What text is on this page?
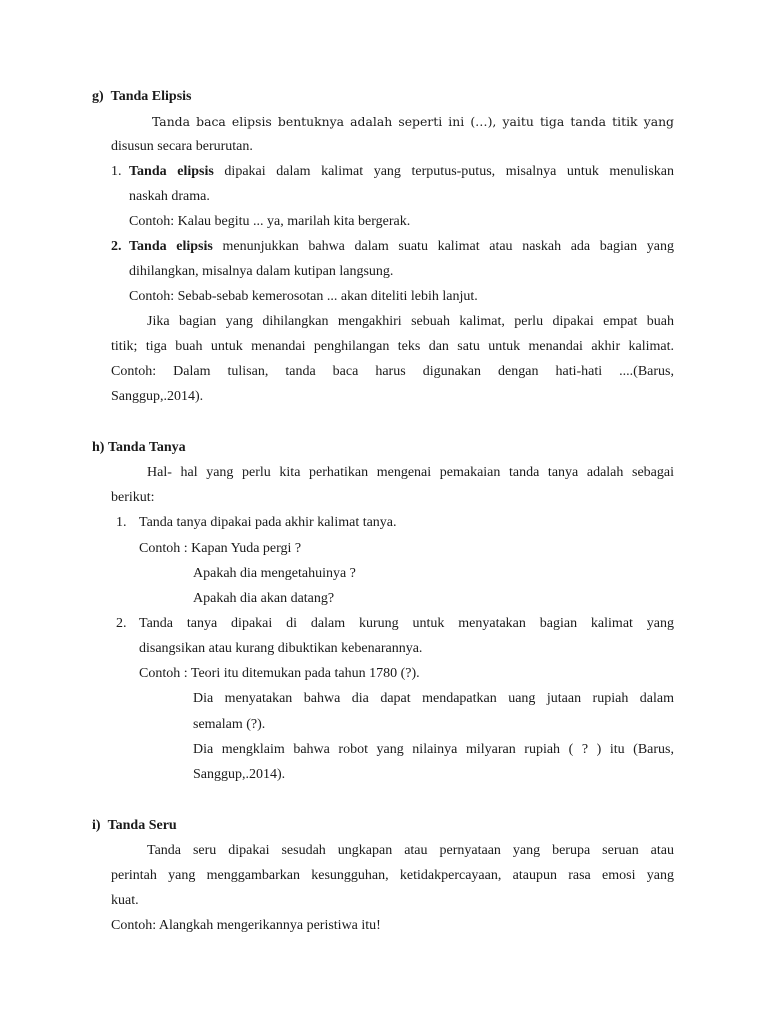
g) Tanda Elipsis
Tanda baca elipsis bentuknya adalah seperti ini (…), yaitu tiga tanda titik yang
disusun secara berurutan.
1. Tanda elipsis dipakai dalam kalimat yang terputus-putus, misalnya untuk menuliskan
naskah drama.
Contoh: Kalau begitu ... ya, marilah kita bergerak.
2. Tanda elipsis menunjukkan bahwa dalam suatu kalimat atau naskah ada bagian yang
dihilangkan, misalnya dalam kutipan langsung.
Contoh: Sebab-sebab kemerosotan ... akan diteliti lebih lanjut.
Jika bagian yang dihilangkan mengakhiri sebuah kalimat, perlu dipakai empat buah
titik; tiga buah untuk menandai penghilangan teks dan satu untuk menandai akhir kalimat.
Contoh: Dalam tulisan, tanda baca harus digunakan dengan hati-hati ....(Barus,
Sanggup,.2014).
h) Tanda Tanya
Hal- hal yang perlu kita perhatikan mengenai pemakaian tanda tanya adalah sebagai
berikut:
1. Tanda tanya dipakai pada akhir kalimat tanya.
Contoh : Kapan Yuda pergi ?
Apakah dia mengetahuinya ?
Apakah dia akan datang?
2. Tanda tanya dipakai di dalam kurung untuk menyatakan bagian kalimat yang
disangsikan atau kurang dibuktikan kebenarannya.
Contoh : Teori itu ditemukan pada tahun 1780 (?).
Dia menyatakan bahwa dia dapat mendapatkan uang jutaan rupiah dalam
semalam (?).
Dia mengklaim bahwa robot yang nilainya milyaran rupiah ( ? ) itu (Barus,
Sanggup,.2014).
i) Tanda Seru
Tanda seru dipakai sesudah ungkapan atau pernyataan yang berupa seruan atau
perintah yang menggambarkan kesungguhan, ketidakpercayaan, ataupun rasa emosi yang
kuat.
Contoh: Alangkah mengerikannya peristiwa itu!
